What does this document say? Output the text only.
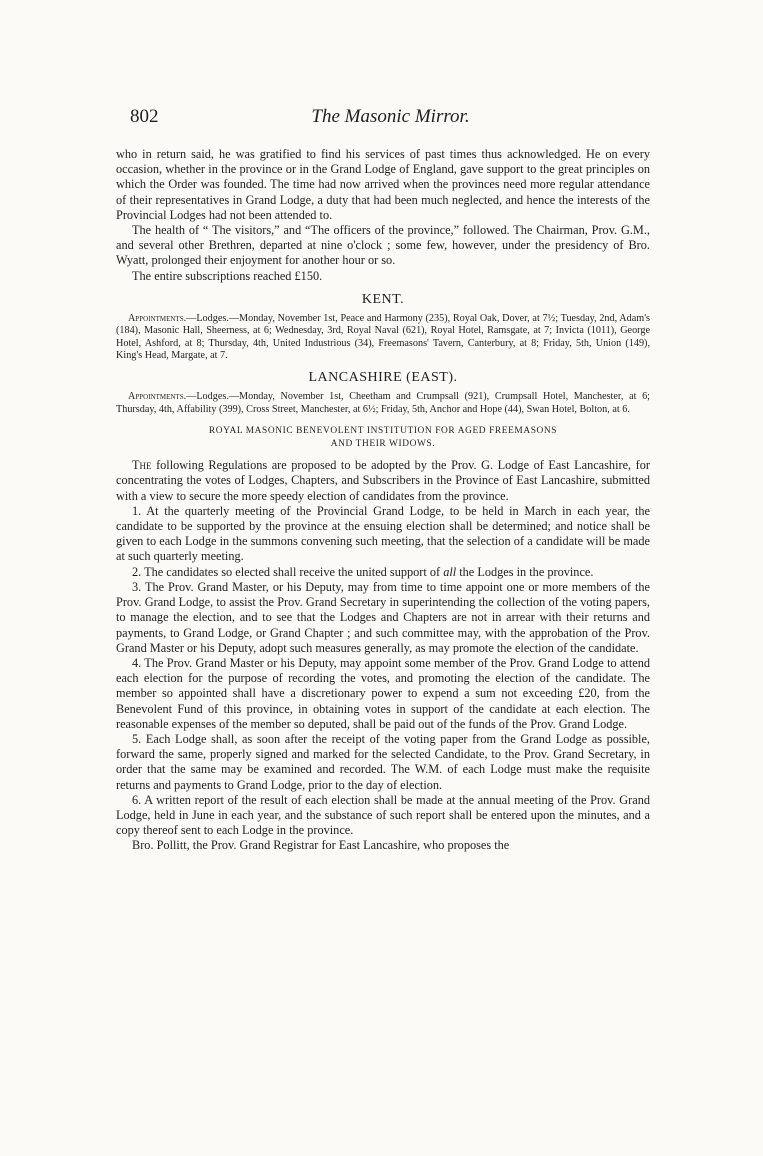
802	The Masonic Mirror.

who in return said, he was gratified to find his services of past times thus acknowledged. He on every occasion, whether in the province or in the Grand Lodge of England, gave support to the great principles on which the Order was founded. The time had now arrived when the provinces need more regular attendance of their representatives in Grand Lodge, a duty that had been much neglected, and hence the interests of the Provincial Lodges had not been attended to.

The health of “ The visitors,” and “The officers of the province,” followed. The Chairman, Prov. G.M., and several other Brethren, departed at nine o'clock ; some few, however, under the presidency of Bro. Wyatt, prolonged their enjoyment for another hour or so.

The entire subscriptions reached £150.

KENT.

Appointments.—Lodges.—Monday, November 1st, Peace and Harmony (235), Royal Oak, Dover, at 7½; Tuesday, 2nd, Adam's (184), Masonic Hall, Sheerness, at 6; Wednesday, 3rd, Royal Naval (621), Royal Hotel, Ramsgate, at 7; Invicta (1011), George Hotel, Ashford, at 8; Thursday, 4th, United Industrious (34), Freemasons' Tavern, Canterbury, at 8; Friday, 5th, Union (149), King's Head, Margate, at 7.

LANCASHIRE (EAST).

Appointments.—Lodges.—Monday, November 1st, Cheetham and Crumpsall (921), Crumpsall Hotel, Manchester, at 6; Thursday, 4th, Affability (399), Cross Street, Manchester, at 6½; Friday, 5th, Anchor and Hope (44), Swan Hotel, Bolton, at 6.

ROYAL MASONIC BENEVOLENT INSTITUTION FOR AGED FREEMASONS
AND THEIR WIDOWS.

The following Regulations are proposed to be adopted by the Prov. G. Lodge of East Lancashire, for concentrating the votes of Lodges, Chapters, and Subscribers in the Province of East Lancashire, submitted with a view to secure the more speedy election of candidates from the province.

1. At the quarterly meeting of the Provincial Grand Lodge, to be held in March in each year, the candidate to be supported by the province at the ensuing election shall be determined; and notice shall be given to each Lodge in the summons convening such meeting, that the selection of a candidate will be made at such quarterly meeting.

2. The candidates so elected shall receive the united support of all the Lodges in the province.

3. The Prov. Grand Master, or his Deputy, may from time to time appoint one or more members of the Prov. Grand Lodge, to assist the Prov. Grand Secretary in superintending the collection of the voting papers, to manage the election, and to see that the Lodges and Chapters are not in arrear with their returns and payments, to Grand Lodge, or Grand Chapter ; and such committee may, with the approbation of the Prov. Grand Master or his Deputy, adopt such measures generally, as may promote the election of the candidate.

4. The Prov. Grand Master or his Deputy, may appoint some member of the Prov. Grand Lodge to attend each election for the purpose of recording the votes, and promoting the election of the candidate. The member so appointed shall have a discretionary power to expend a sum not exceeding £20, from the Benevolent Fund of this province, in obtaining votes in support of the candidate at each election. The reasonable expenses of the member so deputed, shall be paid out of the funds of the Prov. Grand Lodge.

5. Each Lodge shall, as soon after the receipt of the voting paper from the Grand Lodge as possible, forward the same, properly signed and marked for the selected Candidate, to the Prov. Grand Secretary, in order that the same may be examined and recorded. The W.M. of each Lodge must make the requisite returns and payments to Grand Lodge, prior to the day of election.

6. A written report of the result of each election shall be made at the annual meeting of the Prov. Grand Lodge, held in June in each year, and the substance of such report shall be entered upon the minutes, and a copy thereof sent to each Lodge in the province.

Bro. Pollitt, the Prov. Grand Registrar for East Lancashire, who proposes the
